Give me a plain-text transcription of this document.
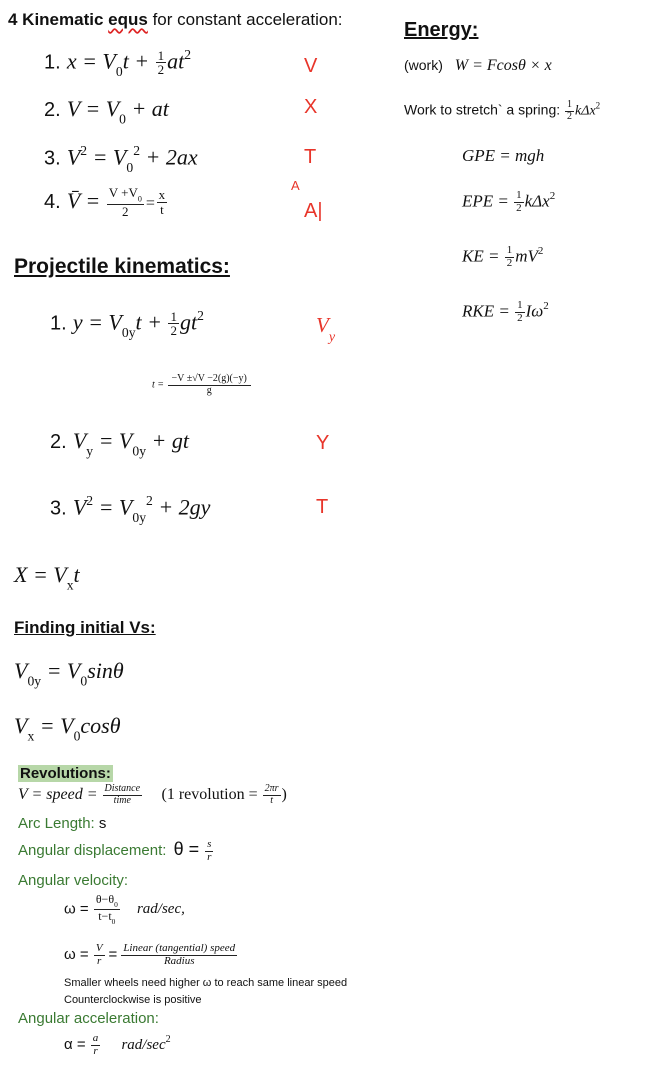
4 Kinematic equs for constant acceleration:
1. $x = V_0t + \frac{1}{2} at^2$
V
2. $V = V_0$ + at	X
3. $V^2 = V_0^2 + 2ax$	T
4. V̄ = $\frac{V +V_0}{2} = \frac{x}{t}$
A
A|
Projectile kinematics:
1. $y = V_{0y}t + \frac{1}{2} gt^2$	$V_y$
$t = \frac{-V \pm√V -2(g)(-y)}{g}$
2. $V_y = V_{0y}$ + gt	Y
3. $V^2 = V_{0y}^2 + 2gy$	T
$X = V_xt$
Finding initial Vs:
$V_{0y} = V_0\sin\theta$
$V_x = V_0\cos\theta$
Revolutions:
V = speed = $\frac{\text{Distance}}{\text{time}} (1$ revolution = $\frac{2\pi r}{t}$ )
Arc Length: s
Angular displacement: $\theta = \frac{s}{r}$
Angular velocity:
$\omega = \frac{\theta-\theta_0}{t-t_0} rad/\sec$,
$\omega = \frac{V}{r} = \frac{\text{Linear (tangential) speed}}{\text{Radius}}$
Smaller wheels need higher ω to reach same linear speed
Counterclockwise is positive
Angular acceleration:
$\alpha = \frac{a}{r} rad/\sec^2$
Energy:
(work) W = Fcosθ × x
Work to stretch` a spring: $\frac{1}{2} k\Delta x^2$
GPE = mgh
EPE = $\frac{1}{2} k\Delta x^2$
KE = $\frac{1}{2} mV^2$
RKE = $\frac{1}{2} I\omega^2$
